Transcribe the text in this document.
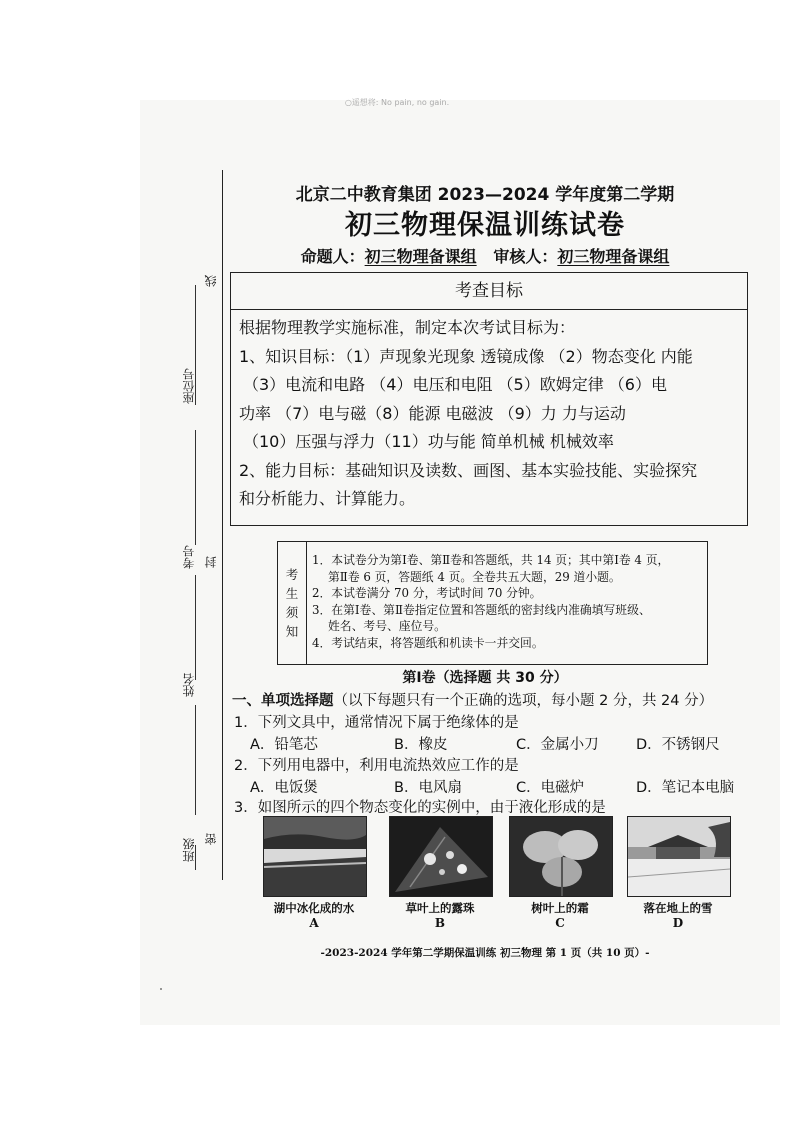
○遥想将: No pain, no gain.
线
座位号
考号 封
姓名
班级 密
北京二中教育集团 2023—2024 学年度第二学期
初三物理保温训练试卷
命题人：初三物理备课组 审核人：初三物理备课组
考查目标
根据物理教学实施标准，制定本次考试目标为：
1、知识目标：（1）声现象光现象 透镜成像 （2）物态变化 内能
（3）电流和电路 （4）电压和电阻 （5）欧姆定律 （6）电
功率 （7）电与磁（8）能源 电磁波 （9）力 力与运动
（10）压强与浮力（11）功与能 简单机械 机械效率
2、能力目标：基础知识及读数、画图、基本实验技能、实验探究
和分析能力、计算能力。
考
生
须
知
1．本试卷分为第Ⅰ卷、第Ⅱ卷和答题纸，共 14 页；其中第Ⅰ卷 4 页，
第Ⅱ卷 6 页，答题纸 4 页。全卷共五大题，29 道小题。
2．本试卷满分 70 分，考试时间 70 分钟。
3．在第Ⅰ卷、第Ⅱ卷指定位置和答题纸的密封线内准确填写班级、
姓名、考号、座位号。
4．考试结束，将答题纸和机读卡一并交回。
第Ⅰ卷（选择题 共 30 分）
一、单项选择题（以下每题只有一个正确的选项，每小题 2 分，共 24 分）
1．下列文具中，通常情况下属于绝缘体的是
A．铅笔芯	B．橡皮	C．金属小刀	D．不锈钢尺
2．下列用电器中，利用电流热效应工作的是
A．电饭煲	B．电风扇	C．电磁炉	D．笔记本电脑
3．如图所示的四个物态变化的实例中，由于液化形成的是
湖中冰化成的水	草叶上的露珠	树叶上的霜	落在地上的雪
A	B	C	D
-2023-2024 学年第二学期保温训练 初三物理 第 1 页（共 10 页）-
